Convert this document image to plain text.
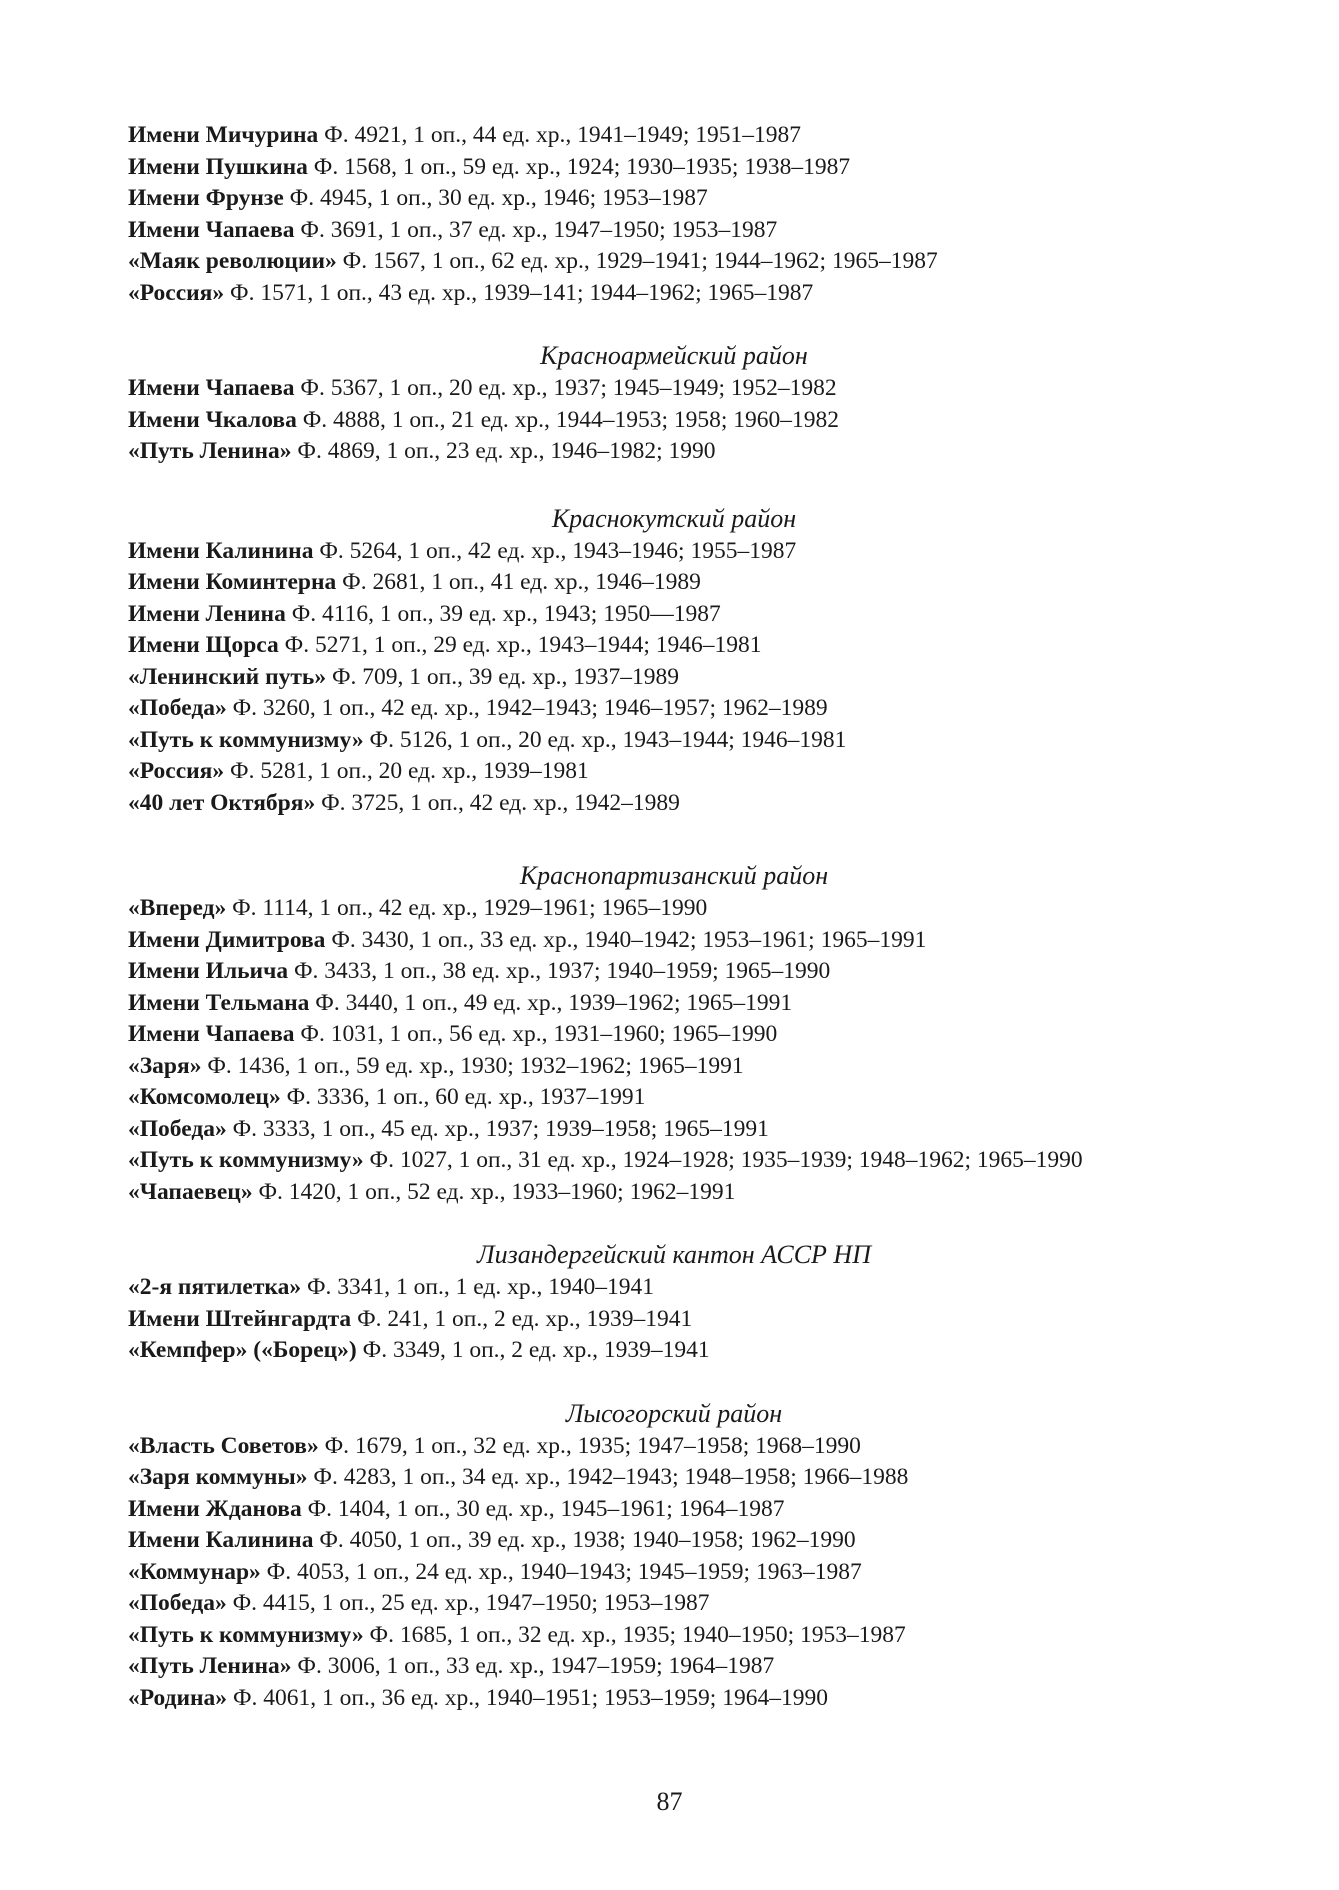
Имени Мичурина Ф. 4921, 1 оп., 44 ед. хр., 1941–1949; 1951–1987
Имени Пушкина Ф. 1568, 1 оп., 59 ед. хр., 1924; 1930–1935; 1938–1987
Имени Фрунзе Ф. 4945, 1 оп., 30 ед. хр., 1946; 1953–1987
Имени Чапаева Ф. 3691, 1 оп., 37 ед. хр., 1947–1950; 1953–1987
«Маяк революции» Ф. 1567, 1 оп., 62 ед. хр., 1929–1941; 1944–1962; 1965–1987
«Россия» Ф. 1571, 1 оп., 43 ед. хр., 1939–141; 1944–1962; 1965–1987
Красноармейский район
Имени Чапаева Ф. 5367, 1 оп., 20 ед. хр., 1937; 1945–1949; 1952–1982
Имени Чкалова Ф. 4888, 1 оп., 21 ед. хр., 1944–1953; 1958; 1960–1982
«Путь Ленина» Ф. 4869, 1 оп., 23 ед. хр., 1946–1982; 1990
Краснокутский район
Имени Калинина Ф. 5264, 1 оп., 42 ед. хр., 1943–1946; 1955–1987
Имени Коминтерна Ф. 2681, 1 оп., 41 ед. хр., 1946–1989
Имени Ленина Ф. 4116, 1 оп., 39 ед. хр., 1943; 1950––1987
Имени Щорса Ф. 5271, 1 оп., 29 ед. хр., 1943–1944; 1946–1981
«Ленинский путь» Ф. 709, 1 оп., 39 ед. хр., 1937–1989
«Победа» Ф. 3260, 1 оп., 42 ед. хр., 1942–1943; 1946–1957; 1962–1989
«Путь к коммунизму» Ф. 5126, 1 оп., 20 ед. хр., 1943–1944; 1946–1981
«Россия» Ф. 5281, 1 оп., 20 ед. хр., 1939–1981
«40 лет Октября» Ф. 3725, 1 оп., 42 ед. хр., 1942–1989
Краснопартизанский район
«Вперед» Ф. 1114, 1 оп., 42 ед. хр., 1929–1961; 1965–1990
Имени Димитрова Ф. 3430, 1 оп., 33 ед. хр., 1940–1942; 1953–1961; 1965–1991
Имени Ильича Ф. 3433, 1 оп., 38 ед. хр., 1937; 1940–1959; 1965–1990
Имени Тельмана Ф. 3440, 1 оп., 49 ед. хр., 1939–1962; 1965–1991
Имени Чапаева Ф. 1031, 1 оп., 56 ед. хр., 1931–1960; 1965–1990
«Заря» Ф. 1436, 1 оп., 59 ед. хр., 1930; 1932–1962; 1965–1991
«Комсомолец» Ф. 3336, 1 оп., 60 ед. хр., 1937–1991
«Победа» Ф. 3333, 1 оп., 45 ед. хр., 1937; 1939–1958; 1965–1991
«Путь к коммунизму» Ф. 1027, 1 оп., 31 ед. хр., 1924–1928; 1935–1939; 1948–1962; 1965–1990
«Чапаевец» Ф. 1420, 1 оп., 52 ед. хр., 1933–1960; 1962–1991
Лизандергейский кантон АССР НП
«2-я пятилетка» Ф. 3341, 1 оп., 1 ед. хр., 1940–1941
Имени Штейнгардта Ф. 241, 1 оп., 2 ед. хр., 1939–1941
«Кемпфер» («Борец») Ф. 3349, 1 оп., 2 ед. хр., 1939–1941
Лысогорский район
«Власть Советов» Ф. 1679, 1 оп., 32 ед. хр., 1935; 1947–1958; 1968–1990
«Заря коммуны» Ф. 4283, 1 оп., 34 ед. хр., 1942–1943; 1948–1958; 1966–1988
Имени Жданова Ф. 1404, 1 оп., 30 ед. хр., 1945–1961; 1964–1987
Имени Калинина Ф. 4050, 1 оп., 39 ед. хр., 1938; 1940–1958; 1962–1990
«Коммунар» Ф. 4053, 1 оп., 24 ед. хр., 1940–1943; 1945–1959; 1963–1987
«Победа» Ф. 4415, 1 оп., 25 ед. хр., 1947–1950; 1953–1987
«Путь к коммунизму» Ф. 1685, 1 оп., 32 ед. хр., 1935; 1940–1950; 1953–1987
«Путь Ленина» Ф. 3006, 1 оп., 33 ед. хр., 1947–1959; 1964–1987
«Родина» Ф. 4061, 1 оп., 36 ед. хр., 1940–1951; 1953–1959; 1964–1990
87
